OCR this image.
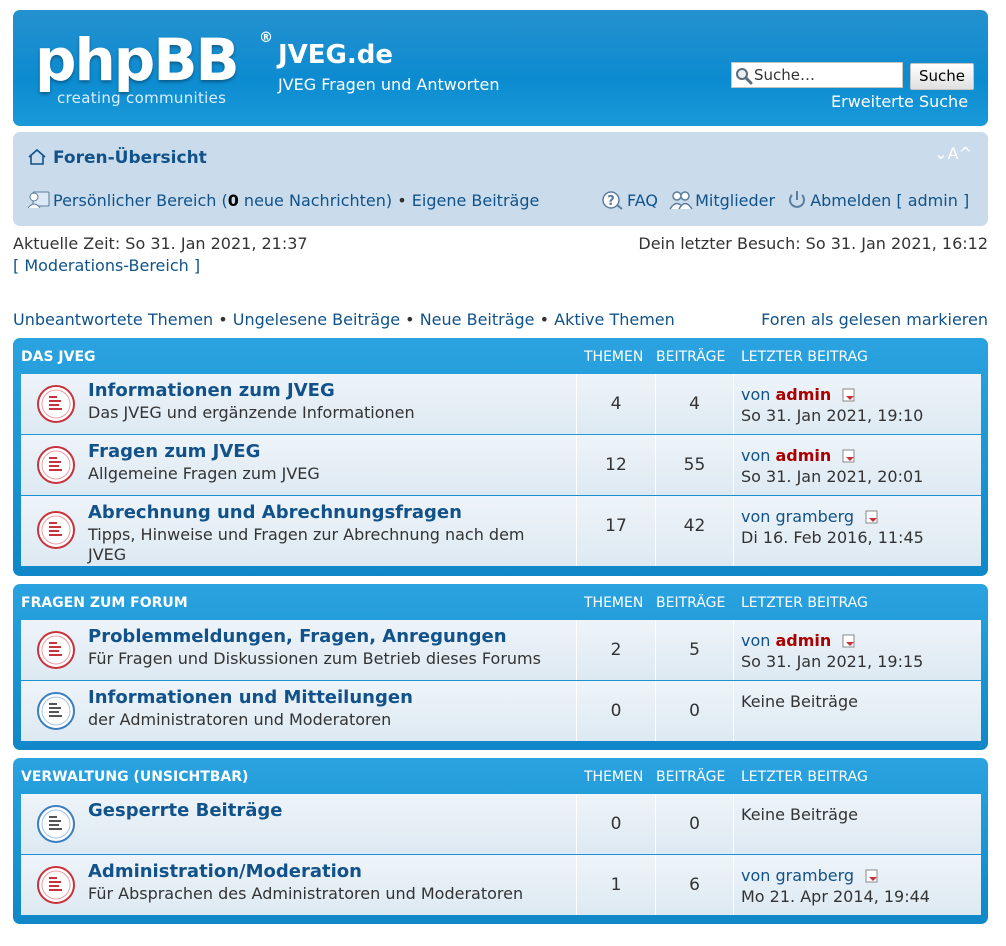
phpBB ®
creating communities
JVEG.de
JVEG Fragen und Antworten
Suche…	Suche
Erweiterte Suche
Foren-Übersicht	⌄A^
Persönlicher Bereich (0 neue Nachrichten) • Eigene Beiträge	? FAQ Mitglieder Abmelden [ admin ]
Aktuelle Zeit: So 31. Jan 2021, 21:37
[ Moderations-Bereich ]
Dein letzter Besuch: So 31. Jan 2021, 16:12
Unbeantwortete Themen • Ungelesene Beiträge • Neue Beiträge • Aktive Themen	Foren als gelesen markieren
DAS JVEG	THEMEN BEITRÄGE LETZTER BEITRAG
Informationen zum JVEG
Das JVEG und ergänzende Informationen	4	4	von admin
So 31. Jan 2021, 19:10
Fragen zum JVEG
Allgemeine Fragen zum JVEG	12	55	von admin
So 31. Jan 2021, 20:01
Abrechnung und Abrechnungsfragen
Tipps, Hinweise und Fragen zur Abrechnung nach dem JVEG
17	42	von gramberg
Di 16. Feb 2016, 11:45
FRAGEN ZUM FORUM	THEMEN BEITRÄGE LETZTER BEITRAG
Problemmeldungen, Fragen, Anregungen
Für Fragen und Diskussionen zum Betrieb dieses Forums	2	5	von admin
So 31. Jan 2021, 19:15
Informationen und Mitteilungen
der Administratoren und Moderatoren	0	0	Keine Beiträge
VERWALTUNG (UNSICHTBAR)	THEMEN BEITRÄGE LETZTER BEITRAG
Gesperrte Beiträge
0	0	Keine Beiträge
Administration/Moderation
Für Absprachen des Administratoren und Moderatoren	1	6	von gramberg
Mo 21. Apr 2014, 19:44
